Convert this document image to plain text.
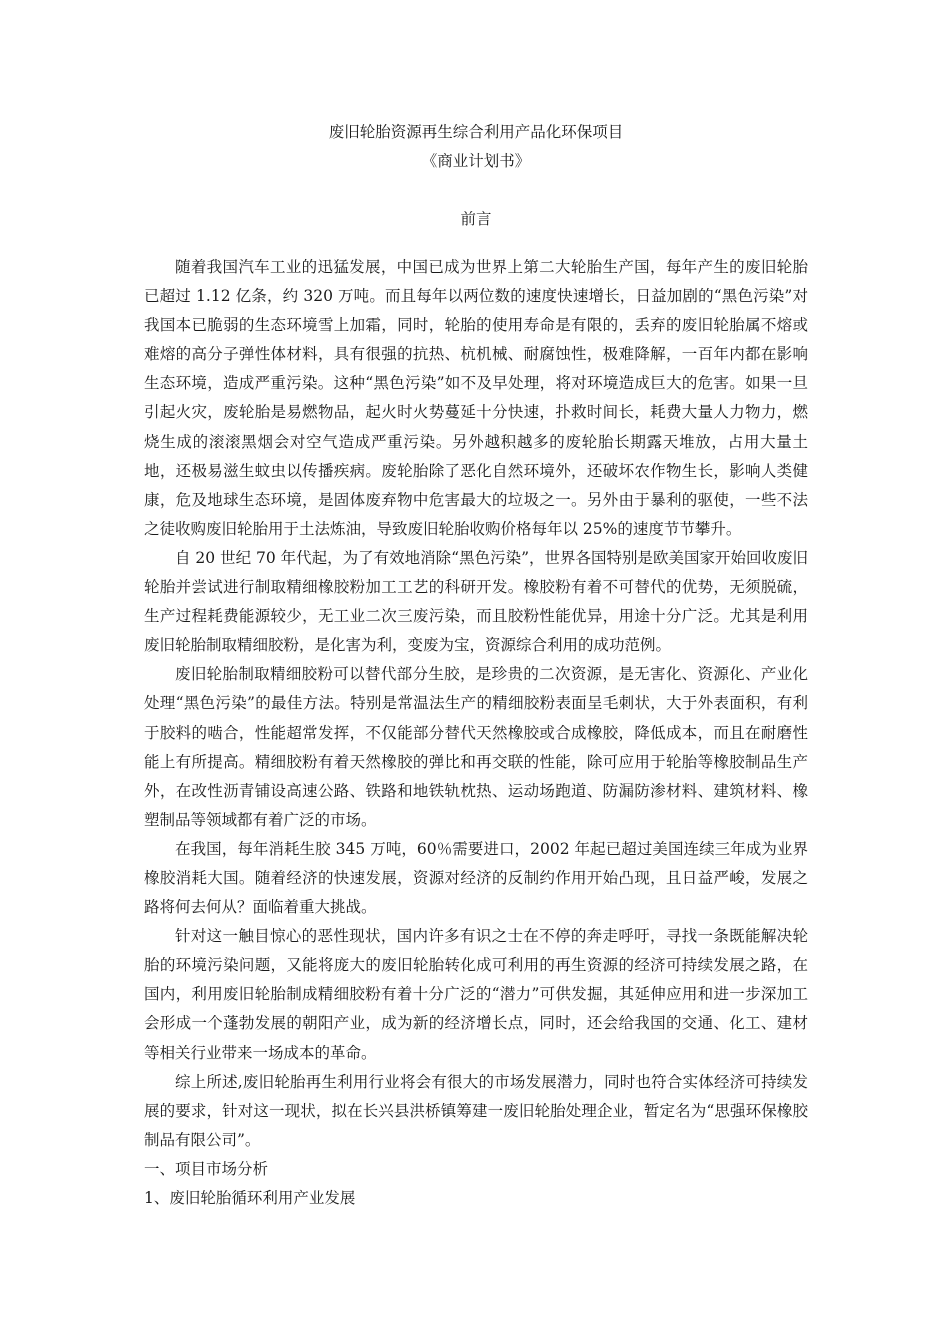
废旧轮胎资源再生综合利用产品化环保项目
《商业计划书》
前言

随着我国汽车工业的迅猛发展，中国已成为世界上第二大轮胎生产国，每年产生的废旧轮胎已超过 1.12 亿条，约 320 万吨。而且每年以两位数的速度快速增长，日益加剧的“黑色污染”对我国本已脆弱的生态环境雪上加霜，同时，轮胎的使用寿命是有限的，丢弃的废旧轮胎属不熔或难熔的高分子弹性体材料，具有很强的抗热、杭机械、耐腐蚀性，极难降解，一百年内都在影响生态环境，造成严重污染。这种“黑色污染”如不及早处理，将对环境造成巨大的危害。如果一旦引起火灾，废轮胎是易燃物品，起火时火势蔓延十分快速，扑救时间长，耗费大量人力物力，燃烧生成的滚滚黑烟会对空气造成严重污染。另外越积越多的废轮胎长期露天堆放，占用大量土地，还极易滋生蚊虫以传播疾病。废轮胎除了恶化自然环境外，还破坏农作物生长，影响人类健康，危及地球生态环境，是固体废弃物中危害最大的垃圾之一。另外由于暴利的驱使，一些不法之徒收购废旧轮胎用于土法炼油，导致废旧轮胎收购价格每年以 25%的速度节节攀升。

自 20 世纪 70 年代起，为了有效地消除“黑色污染”，世界各国特别是欧美国家开始回收废旧轮胎并尝试进行制取精细橡胶粉加工工艺的科研开发。橡胶粉有着不可替代的优势，无须脱硫，生产过程耗费能源较少，无工业二次三废污染，而且胶粉性能优异，用途十分广泛。尤其是利用废旧轮胎制取精细胶粉，是化害为利，变废为宝，资源综合利用的成功范例。

废旧轮胎制取精细胶粉可以替代部分生胶，是珍贵的二次资源，是无害化、资源化、产业化处理“黑色污染”的最佳方法。特别是常温法生产的精细胶粉表面呈毛刺状，大于外表面积，有利于胶料的啮合，性能超常发挥，不仅能部分替代天然橡胶或合成橡胶，降低成本，而且在耐磨性能上有所提高。精细胶粉有着天然橡胶的弹比和再交联的性能，除可应用于轮胎等橡胶制品生产外，在改性沥青铺设高速公路、铁路和地铁轨枕热、运动场跑道、防漏防渗材料、建筑材料、橡塑制品等领域都有着广泛的市场。

在我国，每年消耗生胶 345 万吨，60％需要进口，2002 年起已超过美国连续三年成为业界橡胶消耗大国。随着经济的快速发展，资源对经济的反制约作用开始凸现，且日益严峻，发展之路将何去何从？面临着重大挑战。

针对这一触目惊心的恶性现状，国内许多有识之士在不停的奔走呼吁，寻找一条既能解决轮胎的环境污染问题，又能将庞大的废旧轮胎转化成可利用的再生资源的经济可持续发展之路，在国内，利用废旧轮胎制成精细胶粉有着十分广泛的“潜力”可供发掘，其延伸应用和进一步深加工会形成一个蓬勃发展的朝阳产业，成为新的经济增长点，同时，还会给我国的交通、化工、建材等相关行业带来一场成本的革命。

综上所述,废旧轮胎再生利用行业将会有很大的市场发展潜力，同时也符合实体经济可持续发展的要求，针对这一现状，拟在长兴县洪桥镇筹建一废旧轮胎处理企业，暂定名为“思强环保橡胶制品有限公司”。

一、项目市场分析

1、废旧轮胎循环利用产业发展
